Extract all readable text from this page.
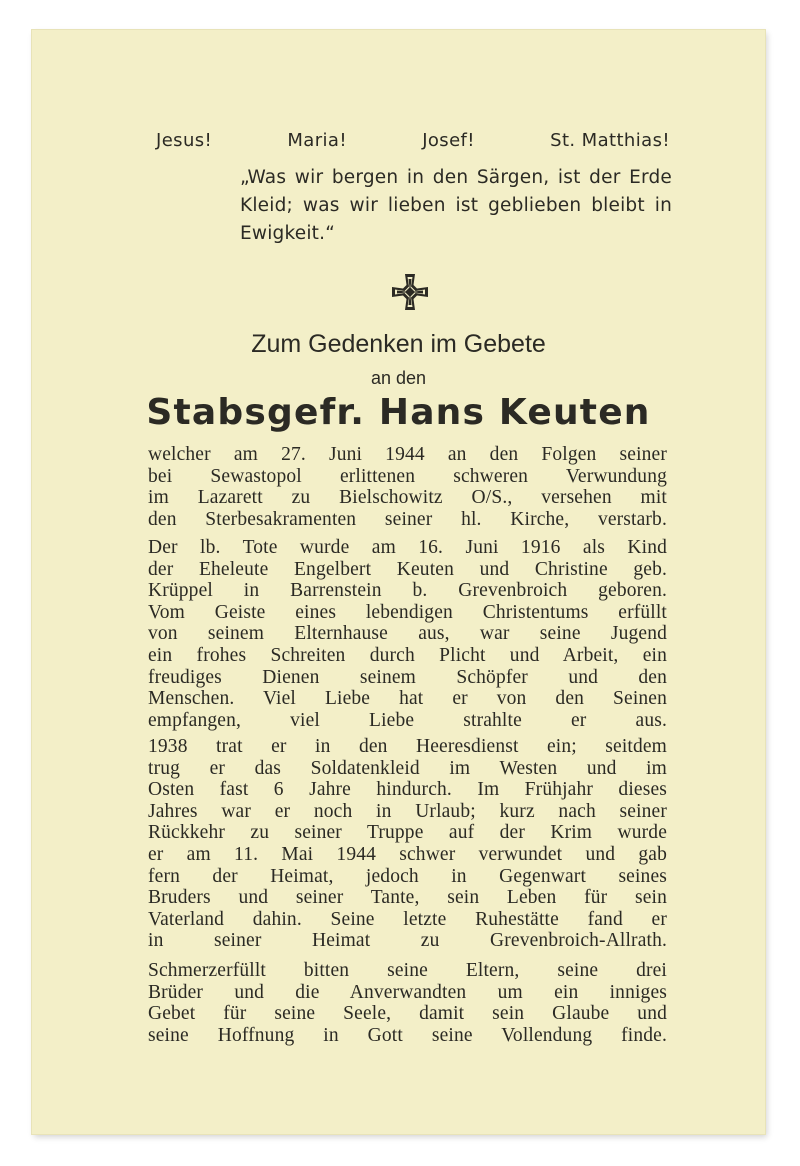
Jesus!	Maria!	Josef!	St. Matthias!
„Was wir bergen in den Särgen, ist der Erde Kleid; was wir lieben ist geblieben bleibt in Ewigkeit.“
Zum Gedenken im Gebete
an den
Stabsgefr. Hans Keuten
welcher am 27. Juni 1944 an den Folgen seiner
bei Sewastopol erlittenen schweren Verwundung
im Lazarett zu Bielschowitz O/S., versehen mit
den Sterbesakramenten seiner hl. Kirche, verstarb.
Der lb. Tote wurde am 16. Juni 1916 als Kind
der Eheleute Engelbert Keuten und Christine geb.
Krüppel in Barrenstein b. Grevenbroich geboren.
Vom Geiste eines lebendigen Christentums erfüllt
von seinem Elternhause aus, war seine Jugend
ein frohes Schreiten durch Plicht und Arbeit, ein
freudiges Dienen seinem Schöpfer und den
Menschen. Viel Liebe hat er von den Seinen
empfangen, viel Liebe strahlte er aus.
1938 trat er in den Heeresdienst ein; seitdem
trug er das Soldatenkleid im Westen und im
Osten fast 6 Jahre hindurch. Im Frühjahr dieses
Jahres war er noch in Urlaub; kurz nach seiner
Rückkehr zu seiner Truppe auf der Krim wurde
er am 11. Mai 1944 schwer verwundet und gab
fern der Heimat, jedoch in Gegenwart seines
Bruders und seiner Tante, sein Leben für sein
Vaterland dahin. Seine letzte Ruhestätte fand er
in seiner Heimat zu Grevenbroich-Allrath.
Schmerzerfüllt bitten seine Eltern, seine drei
Brüder und die Anverwandten um ein inniges
Gebet für seine Seele, damit sein Glaube und
seine Hoffnung in Gott seine Vollendung finde.
